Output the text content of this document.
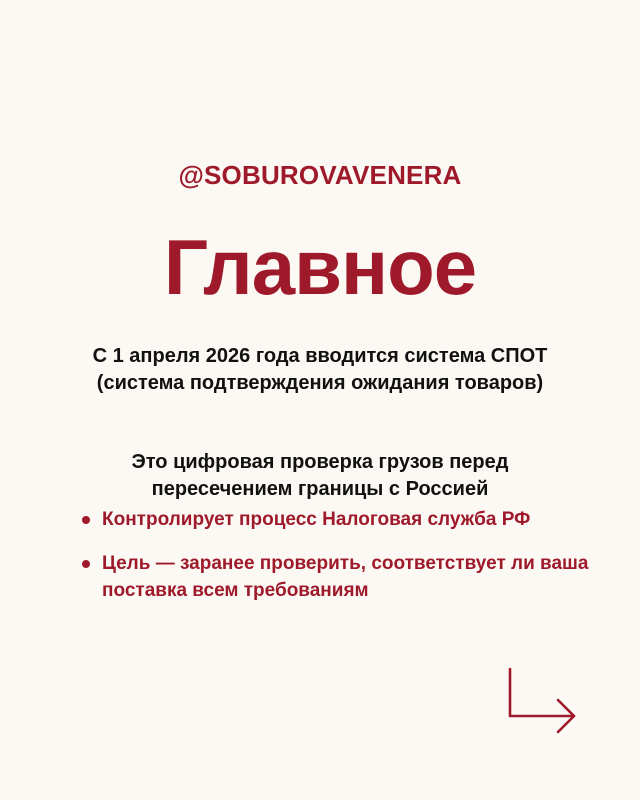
@SOBUROVAVENERA
Главное
С 1 апреля 2026 года вводится система СПОТ (система подтверждения ожидания товаров)
Это цифровая проверка грузов перед пересечением границы с Россией
Контролирует процесс Налоговая служба РФ
Цель — заранее проверить, соответствует ли ваша поставка всем требованиям
